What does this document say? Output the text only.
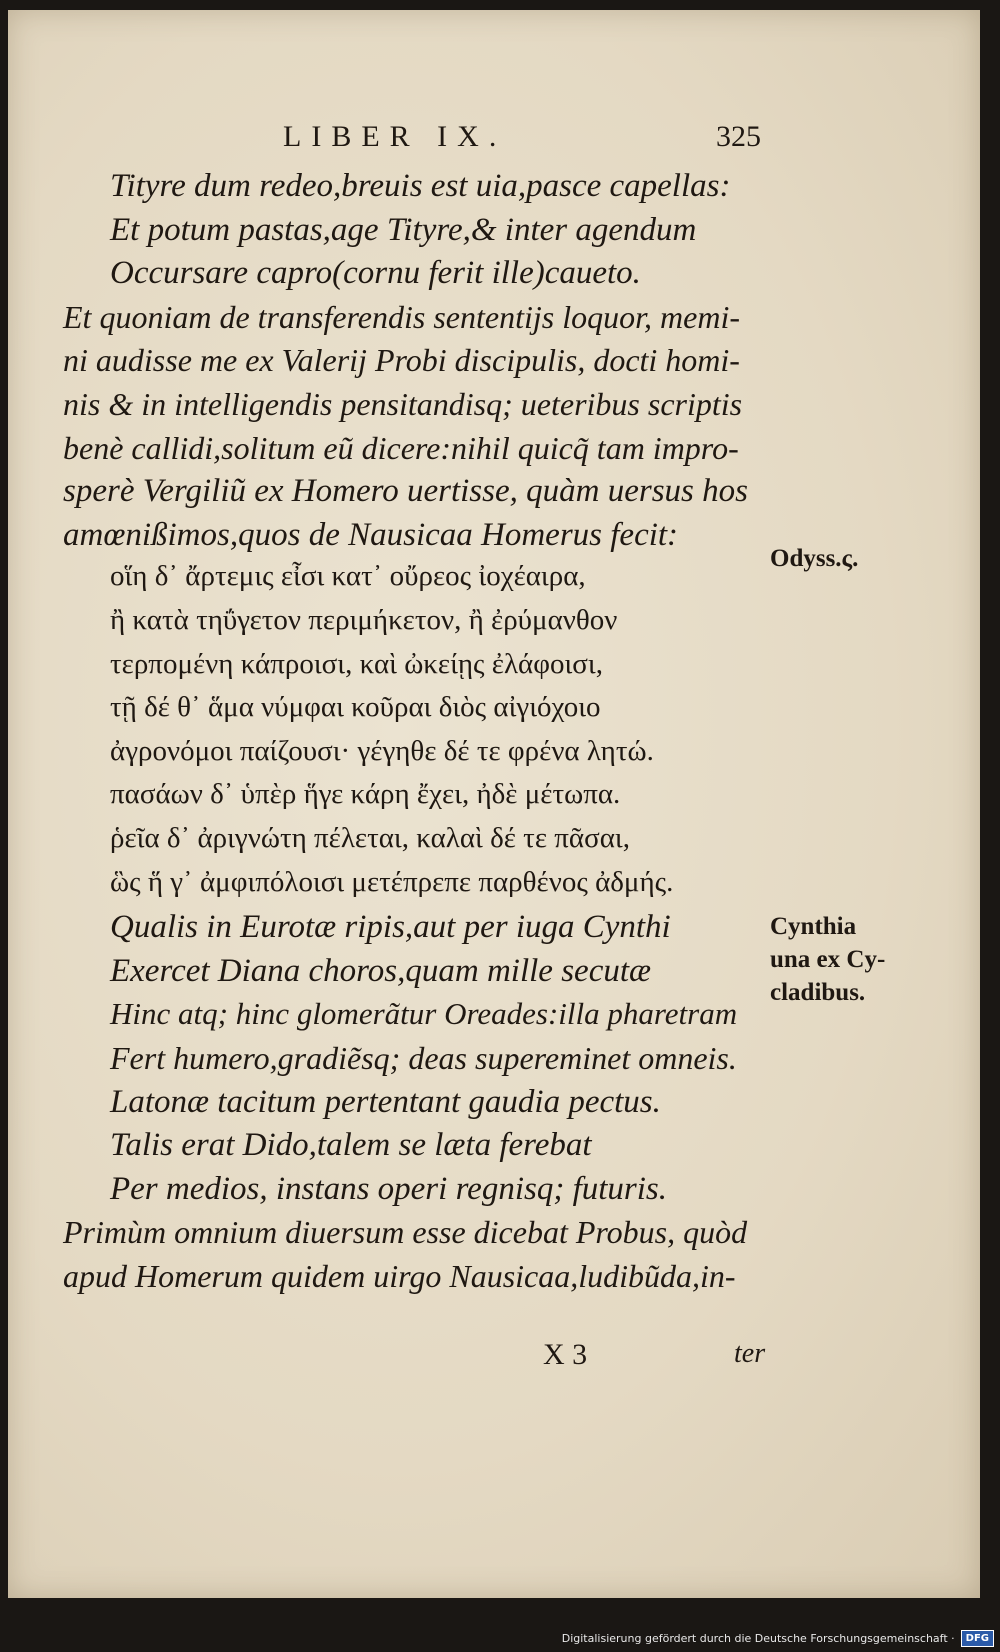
LIBER IX.	325
Tityre dum redeo,breuis est uia,pasce capellas:
Et potum pastas,age Tityre,& inter agendum
Occursare capro(cornu ferit ille)caueto.
Et quoniam de transferendis sententijs loquor, memi-
ni audisse me ex Valerij Probi discipulis, docti homi-
nis & in intelligendis pensitandisq; ueteribus scriptis
benè callidi,solitum eũ dicere:nihil quicq̃ tam impro-
sperè Vergiliũ ex Homero uertisse, quàm uersus hos
amœnißimos,quos de Nausicaa Homerus fecit:
οἵη δ᾽ ἄρτεμις εἶσι κατ᾽ οὔρεος ἰοχέαιρα,
ἢ κατὰ τηΰγετον περιμήκετον, ἢ ἐρύμανθον
τερπομένη κάπροισι, καὶ ὠκείῃς ἐλάφοισι,
τῇ δέ θ᾽ ἅμα νύμφαι κοῦραι διὸς αἰγιόχοιο
ἀγρονόμοι παίζουσι· γέγηθε δέ τε φρένα λητώ.
πασάων δ᾽ ὑπὲρ ἥγε κάρη ἔχει, ἠδὲ μέτωπα.
ῥεῖα δ᾽ ἀριγνώτη πέλεται, καλαὶ δέ τε πᾶσαι,
ὣς ἥ γ᾽ ἀμφιπόλοισι μετέπρεπε παρθένος ἀδμής.
Qualis in Eurotæ ripis,aut per iuga Cynthi
Exercet Diana choros,quam mille secutæ
Hinc atq; hinc glomerãtur Oreades:illa pharetram
Fert humero,gradiẽsq; deas supereminet omneis.
Latonæ tacitum pertentant gaudia pectus.
Talis erat Dido,talem se læta ferebat
Per medios, instans operi regnisq; futuris.
Primùm omnium diuersum esse dicebat Probus, quòd
apud Homerum quidem uirgo Nausicaa,ludibũda,in-
Odyss.ς.
Cynthia
una ex Cy-
cladibus.
X 3	ter
Digitalisierung gefördert durch die Deutsche Forschungsgemeinschaft ·	DFG
